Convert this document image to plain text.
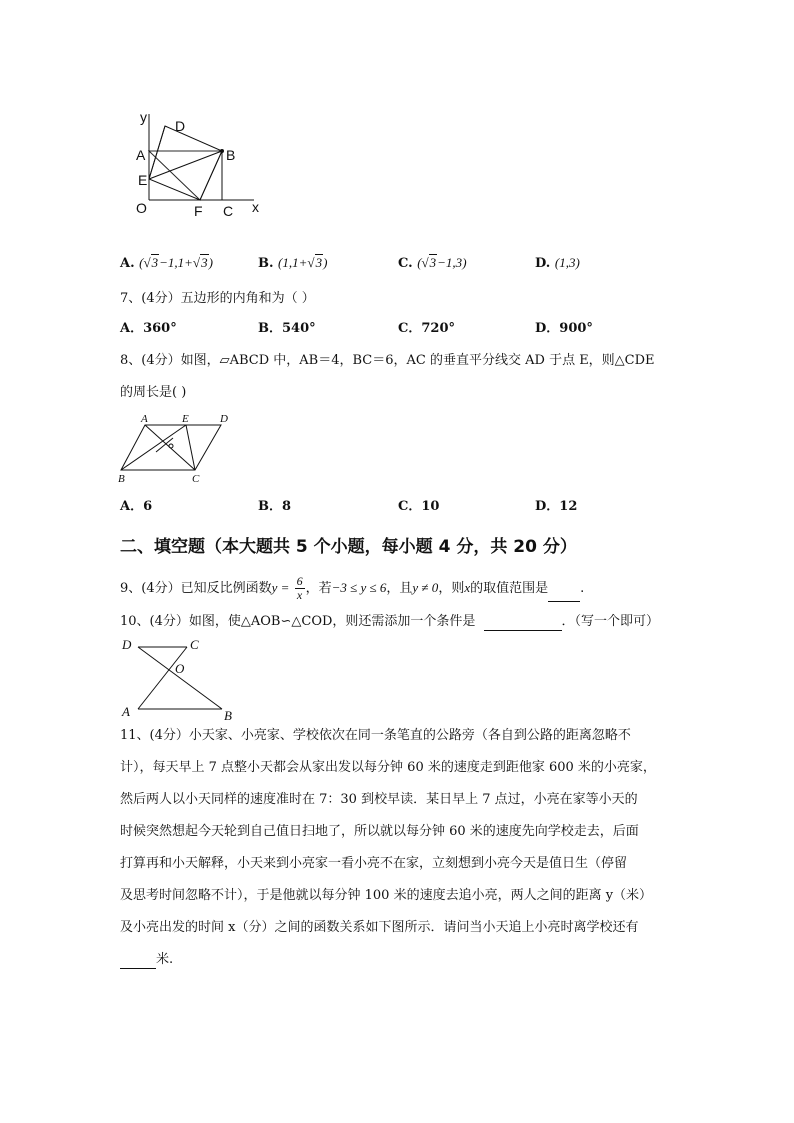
y
D
A	B
E
O	F C x
A. (√3−1,1+√3)	B. (1,1+√3)	C. (√3−1,3)	D. (1,3)
7、(4分）五边形的内角和为（ ）
A．360°	B．540°	C．720°	D．900°
8、(4分）如图，▱ABCD 中，AB＝4，BC＝6，AC 的垂直平分线交 AD 于点 E，则△CDE
的周长是( )
A	E	D
B	C
A．6	B．8	C．10	D．12
二、填空题（本大题共 5 个小题，每小题 4 分，共 20 分）
9、(4分）已知反比例函数$y = \frac{6}{x}$ ，若−3 ≤ y ≤ 6，且y ≠ 0，则x的取值范围是 .
10、(4分）如图，使△AOB∽△COD，则还需添加一个条件是	．（写一个即可）
D	C
O
A	B
11、(4分）小天家、小亮家、学校依次在同一条笔直的公路旁（各自到公路的距离忽略不
计），每天早上 7 点整小天都会从家出发以每分钟 60 米的速度走到距他家 600 米的小亮家，
然后两人以小天同样的速度准时在 7：30 到校早读．某日早上 7 点过，小亮在家等小天的
时候突然想起今天轮到自己值日扫地了，所以就以每分钟 60 米的速度先向学校走去，后面
打算再和小天解释，小天来到小亮家一看小亮不在家，立刻想到小亮今天是值日生（停留
及思考时间忽略不计），于是他就以每分钟 100 米的速度去追小亮，两人之间的距离 y（米）
及小亮出发的时间 x（分）之间的函数关系如下图所示．请问当小天追上小亮时离学校还有
米.
